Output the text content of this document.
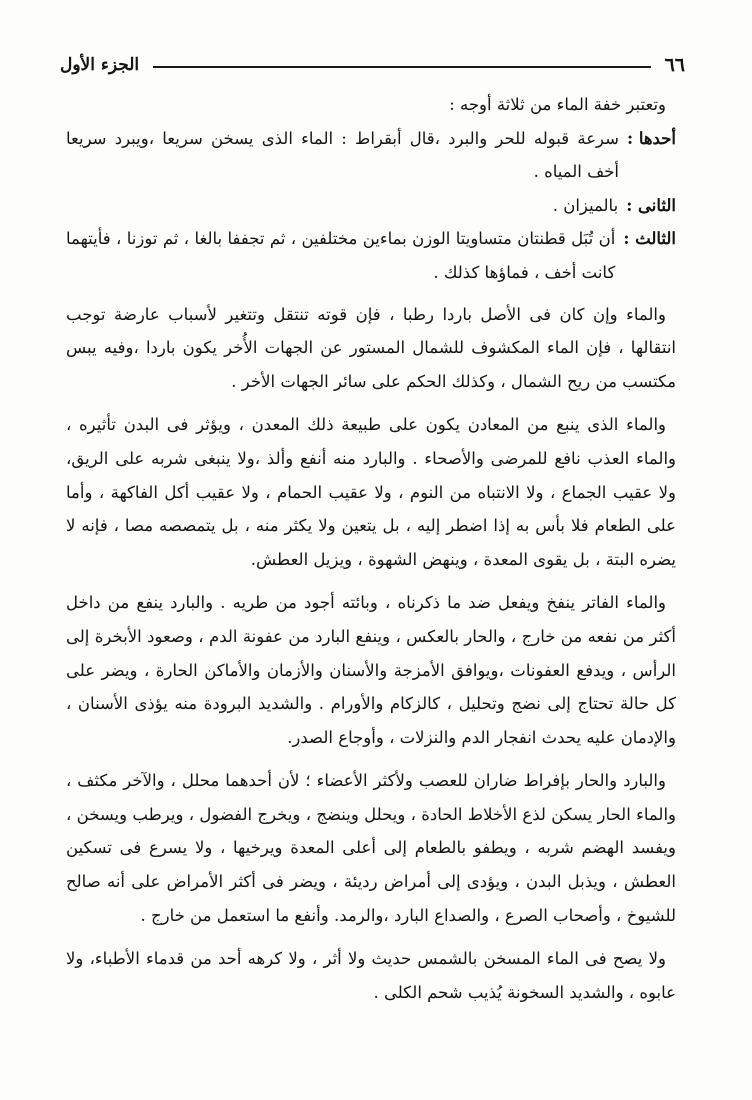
٦٦
الجزء الأول

وتعتبر خفة الماء من ثلاثة أوجه :

أحدها :
سرعة قبوله للحر والبرد ،قال أبقراط : الماء الذى يسخن سريعا ،ويبرد سريعا أخف المياه .
الثانى :
بالميزان .
الثالث :
أن تُبَل قطنتان متساويتا الوزن بماءين مختلفين ، ثم تجففا بالغا ، ثم توزنا ، فأيتهما كانت أخف ، فماؤها كذلك .

والماء وإن كان فى الأصل باردا رطبا ، فإن قوته تنتقل وتتغير لأسباب عارضة توجب انتقالها ، فإن الماء المكشوف للشمال المستور عن الجهات الأُخر يكون باردا ،وفيه يبس مكتسب من ريح الشمال ، وكذلك الحكم على سائر الجهات الأخر .

والماء الذى ينبع من المعادن يكون على طبيعة ذلك المعدن ، ويؤثر فى البدن تأثيره ، والماء العذب نافع للمرضى والأصحاء . والبارد منه أنفع وألذ ،ولا ينبغى شربه على الريق، ولا عقيب الجماع ، ولا الانتباه من النوم ، ولا عقيب الحمام ، ولا عقيب أكل الفاكهة ، وأما على الطعام فلا بأس به إذا اضطر إليه ، بل يتعين ولا يكثر منه ، بل يتمصصه مصا ، فإنه لا يضره البتة ، بل يقوى المعدة ، وينهض الشهوة ، ويزيل العطش.

والماء الفاتر ينفخ ويفعل ضد ما ذكرناه ، وبائته أجود من طريه . والبارد ينفع من داخل أكثر من نفعه من خارج ، والحار بالعكس ، وينفع البارد من عفونة الدم ، وصعود الأبخرة إلى الرأس ، ويدفع العفونات ،ويوافق الأمزجة والأسنان والأزمان والأماكن الحارة ، ويضر على كل حالة تحتاج إلى نضج وتحليل ، كالزكام والأورام . والشديد البرودة منه يؤذى الأسنان ، والإدمان عليه يحدث انفجار الدم والنزلات ، وأوجاع الصدر.

والبارد والحار بإفراط ضاران للعصب ولأكثر الأعضاء ؛ لأن أحدهما محلل ، والآخر مكثف ، والماء الحار يسكن لذع الأخلاط الحادة ، ويحلل وينضج ، ويخرج الفضول ، ويرطب ويسخن ، ويفسد الهضم شربه ، ويطفو بالطعام إلى أعلى المعدة ويرخيها ، ولا يسرع فى تسكين العطش ، ويذبل البدن ، ويؤدى إلى أمراض رديئة ، ويضر فى أكثر الأمراض على أنه صالح للشيوخ ، وأصحاب الصرع ، والصداع البارد ،والرمد. وأنفع ما استعمل من خارج .

ولا يصح فى الماء المسخن بالشمس حديث ولا أثر ، ولا كرهه أحد من قدماء الأطباء، ولا عابوه ، والشديد السخونة يُذيب شحم الكلى .
